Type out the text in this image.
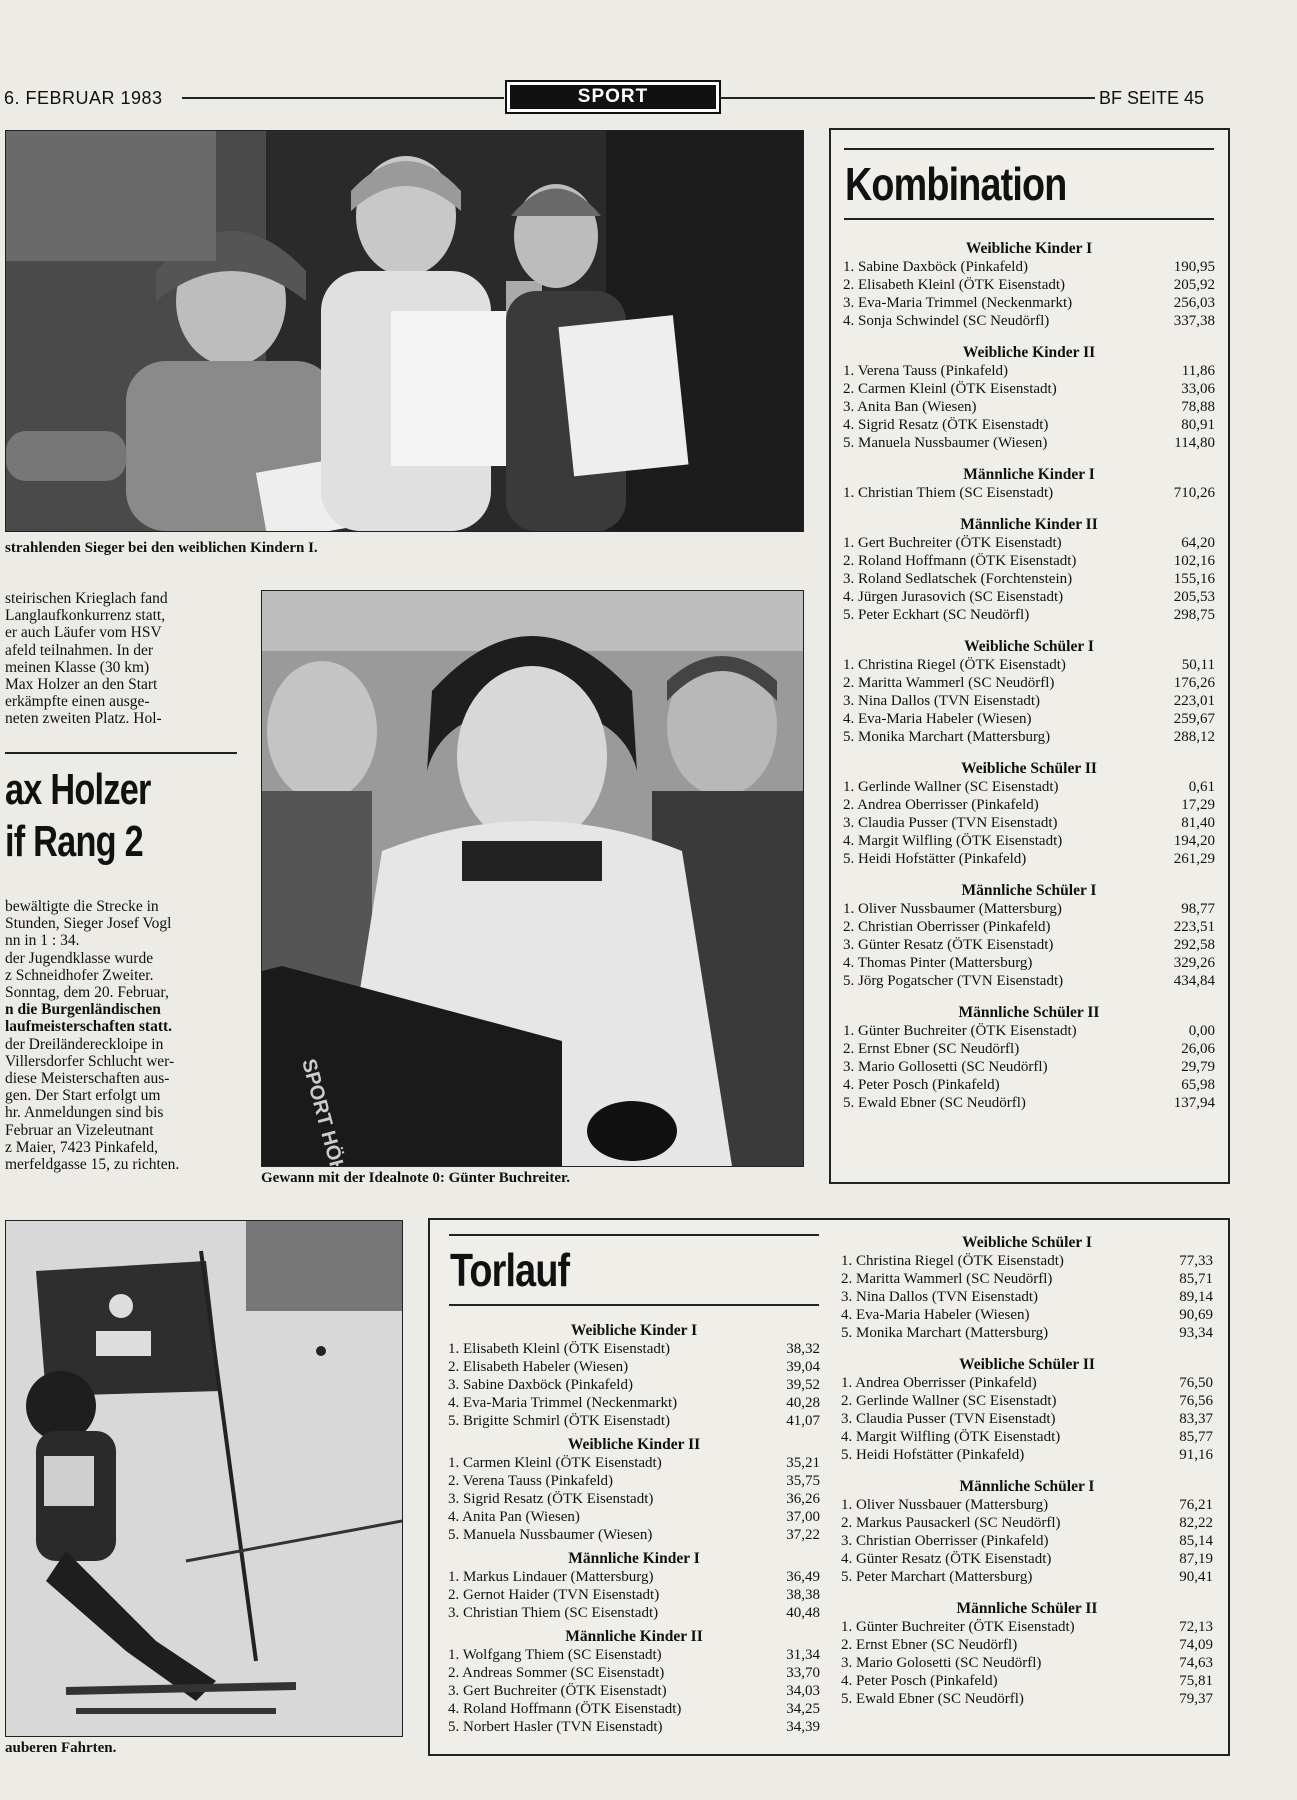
6. FEBRUAR 1983	SPORT	BF SEITE 45
strahlenden Sieger bei den weiblichen Kindern I.

steirischen Krieglach fand

Langlaufkonkurrenz statt,

er auch Läufer vom HSV

afeld teilnahmen. In der

meinen Klasse (30 km)

Max Holzer an den Start

erkämpfte einen ausge-

neten zweiten Platz. Hol-

ax Holzer
if Rang 2

bewältigte die Strecke in

Stunden, Sieger Josef Vogl

nn in 1 : 34.

der Jugendklasse wurde

z Schneidhofer Zweiter.

Sonntag, dem 20. Februar,

n die Burgenländischen

laufmeisterschaften statt.

der Dreiländereckloipe in

Villersdorfer Schlucht wer-

diese Meisterschaften aus-

gen. Der Start erfolgt um

hr. Anmeldungen sind bis

Februar an Vizeleutnant

z Maier, 7423 Pinkafeld,

merfeldgasse 15, zu richten.

Gewann mit der Idealnote 0: Günter Buchreiter.
auberen Fahrten.
Kombination
Weibliche Kinder I
1. Sabine Daxböck (Pinkafeld)	190,95
2. Elisabeth Kleinl (ÖTK Eisenstadt)	205,92
3. Eva-Maria Trimmel (Neckenmarkt)	256,03
4. Sonja Schwindel (SC Neudörfl)	337,38
Weibliche Kinder II
1. Verena Tauss (Pinkafeld)	11,86
2. Carmen Kleinl (ÖTK Eisenstadt)	33,06
3. Anita Ban (Wiesen)	78,88
4. Sigrid Resatz (ÖTK Eisenstadt)	80,91
5. Manuela Nussbaumer (Wiesen)	114,80
Männliche Kinder I
1. Christian Thiem (SC Eisenstadt)	710,26
Männliche Kinder II
1. Gert Buchreiter (ÖTK Eisenstadt)	64,20
2. Roland Hoffmann (ÖTK Eisenstadt)	102,16
3. Roland Sedlatschek (Forchtenstein)	155,16
4. Jürgen Jurasovich (SC Eisenstadt)	205,53
5. Peter Eckhart (SC Neudörfl)	298,75
Weibliche Schüler I
1. Christina Riegel (ÖTK Eisenstadt)	50,11
2. Maritta Wammerl (SC Neudörfl)	176,26
3. Nina Dallos (TVN Eisenstadt)	223,01
4. Eva-Maria Habeler (Wiesen)	259,67
5. Monika Marchart (Mattersburg)	288,12
Weibliche Schüler II
1. Gerlinde Wallner (SC Eisenstadt)	0,61
2. Andrea Oberrisser (Pinkafeld)	17,29
3. Claudia Pusser (TVN Eisenstadt)	81,40
4. Margit Wilfling (ÖTK Eisenstadt)	194,20
5. Heidi Hofstätter (Pinkafeld)	261,29
Männliche Schüler I
1. Oliver Nussbaumer (Mattersburg)	98,77
2. Christian Oberrisser (Pinkafeld)	223,51
3. Günter Resatz (ÖTK Eisenstadt)	292,58
4. Thomas Pinter (Mattersburg)	329,26
5. Jörg Pogatscher (TVN Eisenstadt)	434,84
Männliche Schüler II
1. Günter Buchreiter (ÖTK Eisenstadt)	0,00
2. Ernst Ebner (SC Neudörfl)	26,06
3. Mario Gollosetti (SC Neudörfl)	29,79
4. Peter Posch (Pinkafeld)	65,98
5. Ewald Ebner (SC Neudörfl)	137,94
Torlauf
Weibliche Kinder I
1. Elisabeth Kleinl (ÖTK Eisenstadt)	38,32
2. Elisabeth Habeler (Wiesen)	39,04
3. Sabine Daxböck (Pinkafeld)	39,52
4. Eva-Maria Trimmel (Neckenmarkt)	40,28
5. Brigitte Schmirl (ÖTK Eisenstadt)	41,07
Weibliche Kinder II
1. Carmen Kleinl (ÖTK Eisenstadt)	35,21
2. Verena Tauss (Pinkafeld)	35,75
3. Sigrid Resatz (ÖTK Eisenstadt)	36,26
4. Anita Pan (Wiesen)	37,00
5. Manuela Nussbaumer (Wiesen)	37,22
Männliche Kinder I
1. Markus Lindauer (Mattersburg)	36,49
2. Gernot Haider (TVN Eisenstadt)	38,38
3. Christian Thiem (SC Eisenstadt)	40,48
Männliche Kinder II
1. Wolfgang Thiem (SC Eisenstadt)	31,34
2. Andreas Sommer (SC Eisenstadt)	33,70
3. Gert Buchreiter (ÖTK Eisenstadt)	34,03
4. Roland Hoffmann (ÖTK Eisenstadt)	34,25
5. Norbert Hasler (TVN Eisenstadt)	34,39
Weibliche Schüler I
1. Christina Riegel (ÖTK Eisenstadt)	77,33
2. Maritta Wammerl (SC Neudörfl)	85,71
3. Nina Dallos (TVN Eisenstadt)	89,14
4. Eva-Maria Habeler (Wiesen)	90,69
5. Monika Marchart (Mattersburg)	93,34
Weibliche Schüler II
1. Andrea Oberrisser (Pinkafeld)	76,50
2. Gerlinde Wallner (SC Eisenstadt)	76,56
3. Claudia Pusser (TVN Eisenstadt)	83,37
4. Margit Wilfling (ÖTK Eisenstadt)	85,77
5. Heidi Hofstätter (Pinkafeld)	91,16
Männliche Schüler I
1. Oliver Nussbauer (Mattersburg)	76,21
2. Markus Pausackerl (SC Neudörfl)	82,22
3. Christian Oberrisser (Pinkafeld)	85,14
4. Günter Resatz (ÖTK Eisenstadt)	87,19
5. Peter Marchart (Mattersburg)	90,41
Männliche Schüler II
1. Günter Buchreiter (ÖTK Eisenstadt)	72,13
2. Ernst Ebner (SC Neudörfl)	74,09
3. Mario Golosetti (SC Neudörfl)	74,63
4. Peter Posch (Pinkafeld)	75,81
5. Ewald Ebner (SC Neudörfl)	79,37
